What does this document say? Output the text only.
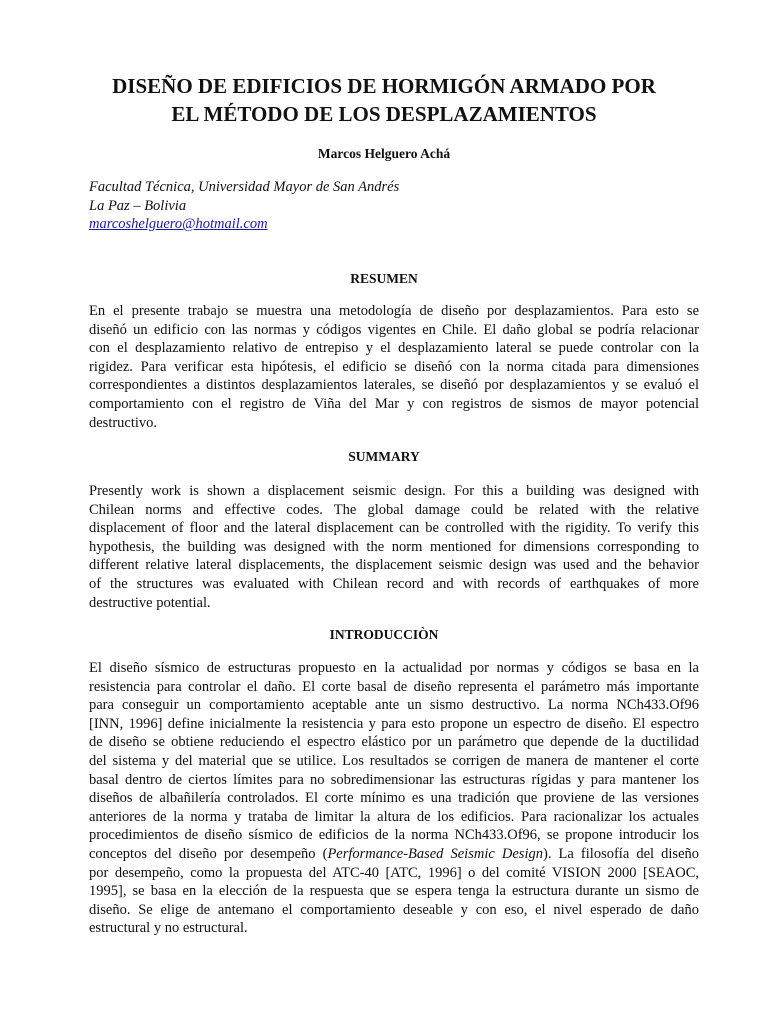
DISEÑO DE EDIFICIOS DE HORMIGÓN ARMADO POR
EL MÉTODO DE LOS DESPLAZAMIENTOS
Marcos Helguero Achá
Facultad Técnica, Universidad Mayor de San Andrés
La Paz – Bolivia
marcoshelguero@hotmail.com
RESUMEN
En el presente trabajo se muestra una metodología de diseño por desplazamientos. Para esto se
diseñó un edificio con las normas y códigos vigentes en Chile. El daño global se podría relacionar
con el desplazamiento relativo de entrepiso y el desplazamiento lateral se puede controlar con la
rigidez. Para verificar esta hipótesis, el edificio se diseñó con la norma citada para dimensiones
correspondientes a distintos desplazamientos laterales, se diseñó por desplazamientos y se evaluó el
comportamiento con el registro de Viña del Mar y con registros de sismos de mayor potencial
destructivo.
SUMMARY
Presently work is shown a displacement seismic design. For this a building was designed with
Chilean norms and effective codes. The global damage could be related with the relative
displacement of floor and the lateral displacement can be controlled with the rigidity. To verify this
hypothesis, the building was designed with the norm mentioned for dimensions corresponding to
different relative lateral displacements, the displacement seismic design was used and the behavior
of the structures was evaluated with Chilean record and with records of earthquakes of more
destructive potential.
INTRODUCCIÒN
El diseño sísmico de estructuras propuesto en la actualidad por normas y códigos se basa en la
resistencia para controlar el daño. El corte basal de diseño representa el parámetro más importante
para conseguir un comportamiento aceptable ante un sismo destructivo. La norma NCh433.Of96
[INN, 1996] define inicialmente la resistencia y para esto propone un espectro de diseño. El espectro
de diseño se obtiene reduciendo el espectro elástico por un parámetro que depende de la ductilidad
del sistema y del material que se utilice. Los resultados se corrigen de manera de mantener el corte
basal dentro de ciertos límites para no sobredimensionar las estructuras rígidas y para mantener los
diseños de albañilería controlados. El corte mínimo es una tradición que proviene de las versiones
anteriores de la norma y trataba de limitar la altura de los edificios. Para racionalizar los actuales
procedimientos de diseño sísmico de edificios de la norma NCh433.Of96, se propone introducir los
conceptos del diseño por desempeño (Performance-Based Seismic Design). La filosofía del diseño
por desempeño, como la propuesta del ATC-40 [ATC, 1996] o del comité VISION 2000 [SEAOC,
1995], se basa en la elección de la respuesta que se espera tenga la estructura durante un sismo de
diseño. Se elige de antemano el comportamiento deseable y con eso, el nivel esperado de daño
estructural y no estructural.
